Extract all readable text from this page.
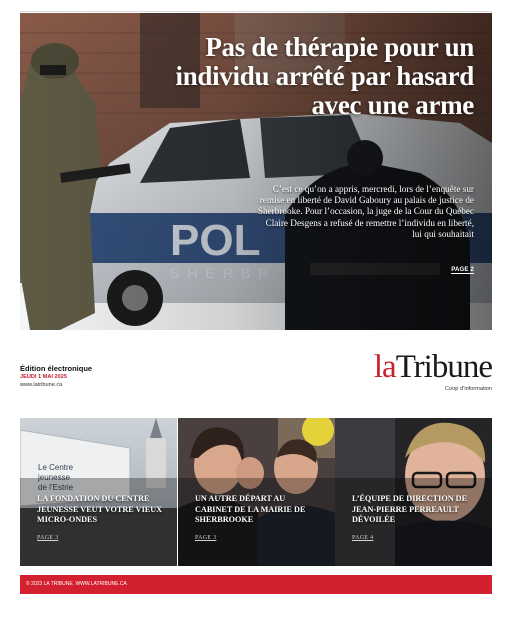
Pas de thérapie pour un individu arrêté par hasard avec une arme
C’est ce qu’on a appris, mercredi, lors de l’enquête sur remise en liberté de David Gaboury au palais de justice de Sherbrooke. Pour l’occasion, la juge de la Cour du Québec Claire Desgens a refusé de remettre l’individu en liberté, lui qui souhaitait
PAGE 2
Édition électronique
JEUDI 1 MAI 2025
www.latribune.ca	laTribune
Coop d’information
Le Centre
jeunesse
de l’Estrie
LA FONDATION DU CENTRE JEUNESSE VEUT VOTRE VIEUX MICRO-ONDES
PAGE 3
UN AUTRE DÉPART AU CABINET DE LA MAIRIE DE SHERBROOKE
PAGE 3
L’ÉQUIPE DE DIRECTION DE JEAN-PIERRE PERREAULT DÉVOILÉE
PAGE 4
© 2023 LA TRIBUNE. WWW.LATRIBUNE.CA
